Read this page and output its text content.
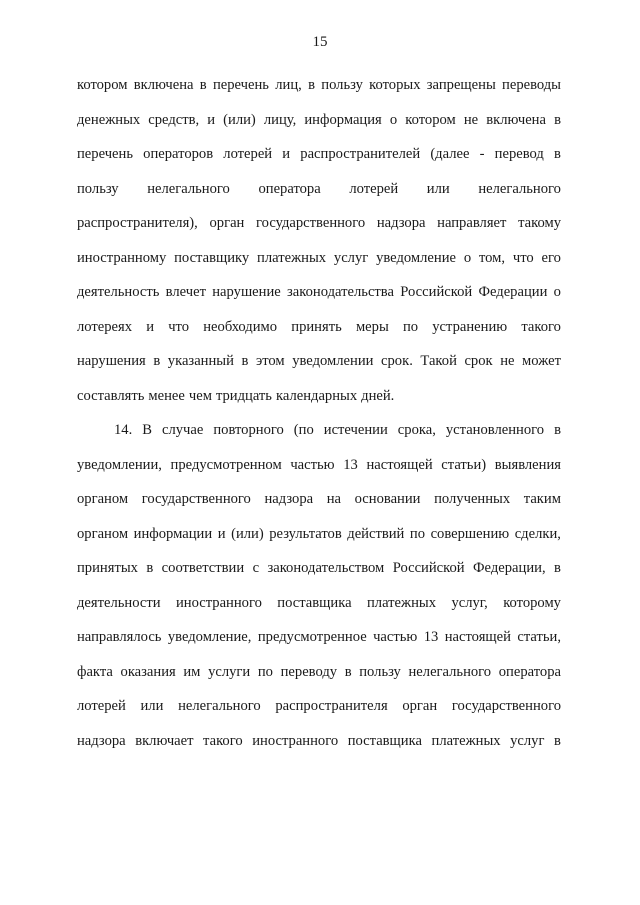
15
котором включена в перечень лиц, в пользу которых запрещены переводы
денежных средств, и (или) лицу, информация о котором не включена в
перечень операторов лотерей и распространителей (далее - перевод в
пользу нелегального оператора лотерей или нелегального
распространителя), орган государственного надзора направляет такому
иностранному поставщику платежных услуг уведомление о том, что его
деятельность влечет нарушение законодательства Российской Федерации о
лотереях и что необходимо принять меры по устранению такого
нарушения в указанный в этом уведомлении срок. Такой срок не может
составлять менее чем тридцать календарных дней.
14. В случае повторного (по истечении срока, установленного в
уведомлении, предусмотренном частью 13 настоящей статьи) выявления
органом государственного надзора на основании полученных таким
органом информации и (или) результатов действий по совершению сделки,
принятых в соответствии с законодательством Российской Федерации, в
деятельности иностранного поставщика платежных услуг, которому
направлялось уведомление, предусмотренное частью 13 настоящей статьи,
факта оказания им услуги по переводу в пользу нелегального оператора
лотерей или нелегального распространителя орган государственного
надзора включает такого иностранного поставщика платежных услуг в
